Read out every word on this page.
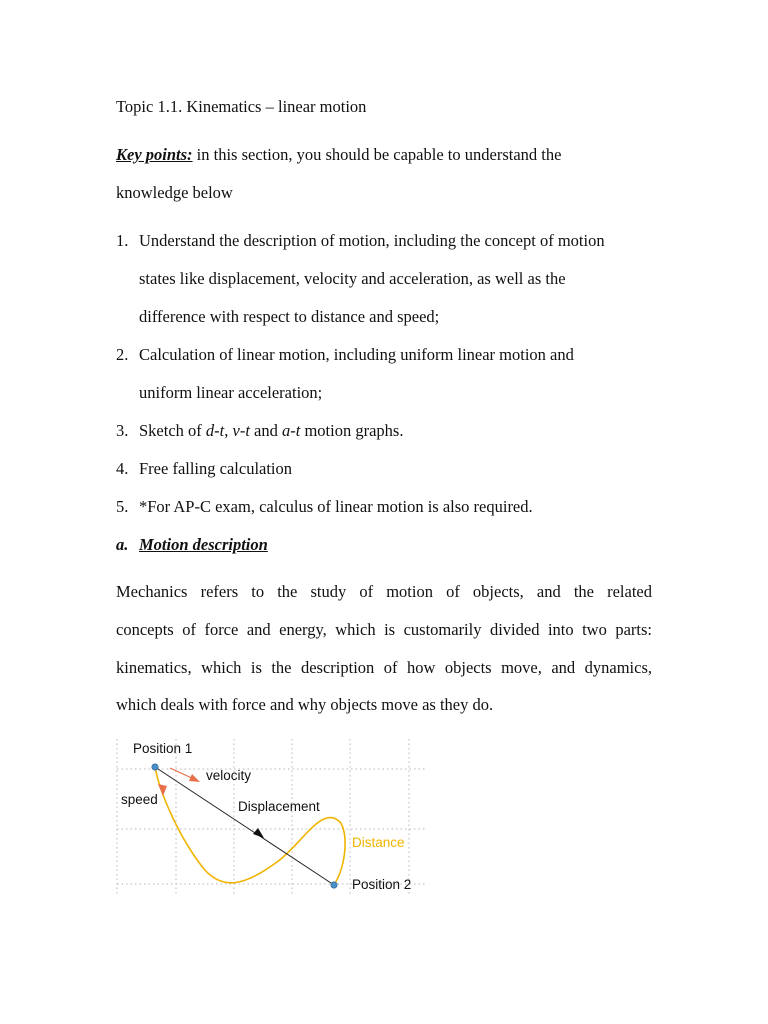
Topic 1.1. Kinematics – linear motion
Key points: in this section, you should be capable to understand the
knowledge below
1. Understand the description of motion, including the concept of motion
states like displacement, velocity and acceleration, as well as the
difference with respect to distance and speed;
2. Calculation of linear motion, including uniform linear motion and
uniform linear acceleration;
3. Sketch of d-t, v-t and a-t motion graphs.
4. Free falling calculation
5. *For AP-C exam, calculus of linear motion is also required.
a. Motion description
Mechanics refers to the study of motion of objects, and the related
concepts of force and energy, which is customarily divided into two parts:
kinematics, which is the description of how objects move, and dynamics,
which deals with force and why objects move as they do.
Position 1
velocity
speed	Displacement
Distance
Position 2
